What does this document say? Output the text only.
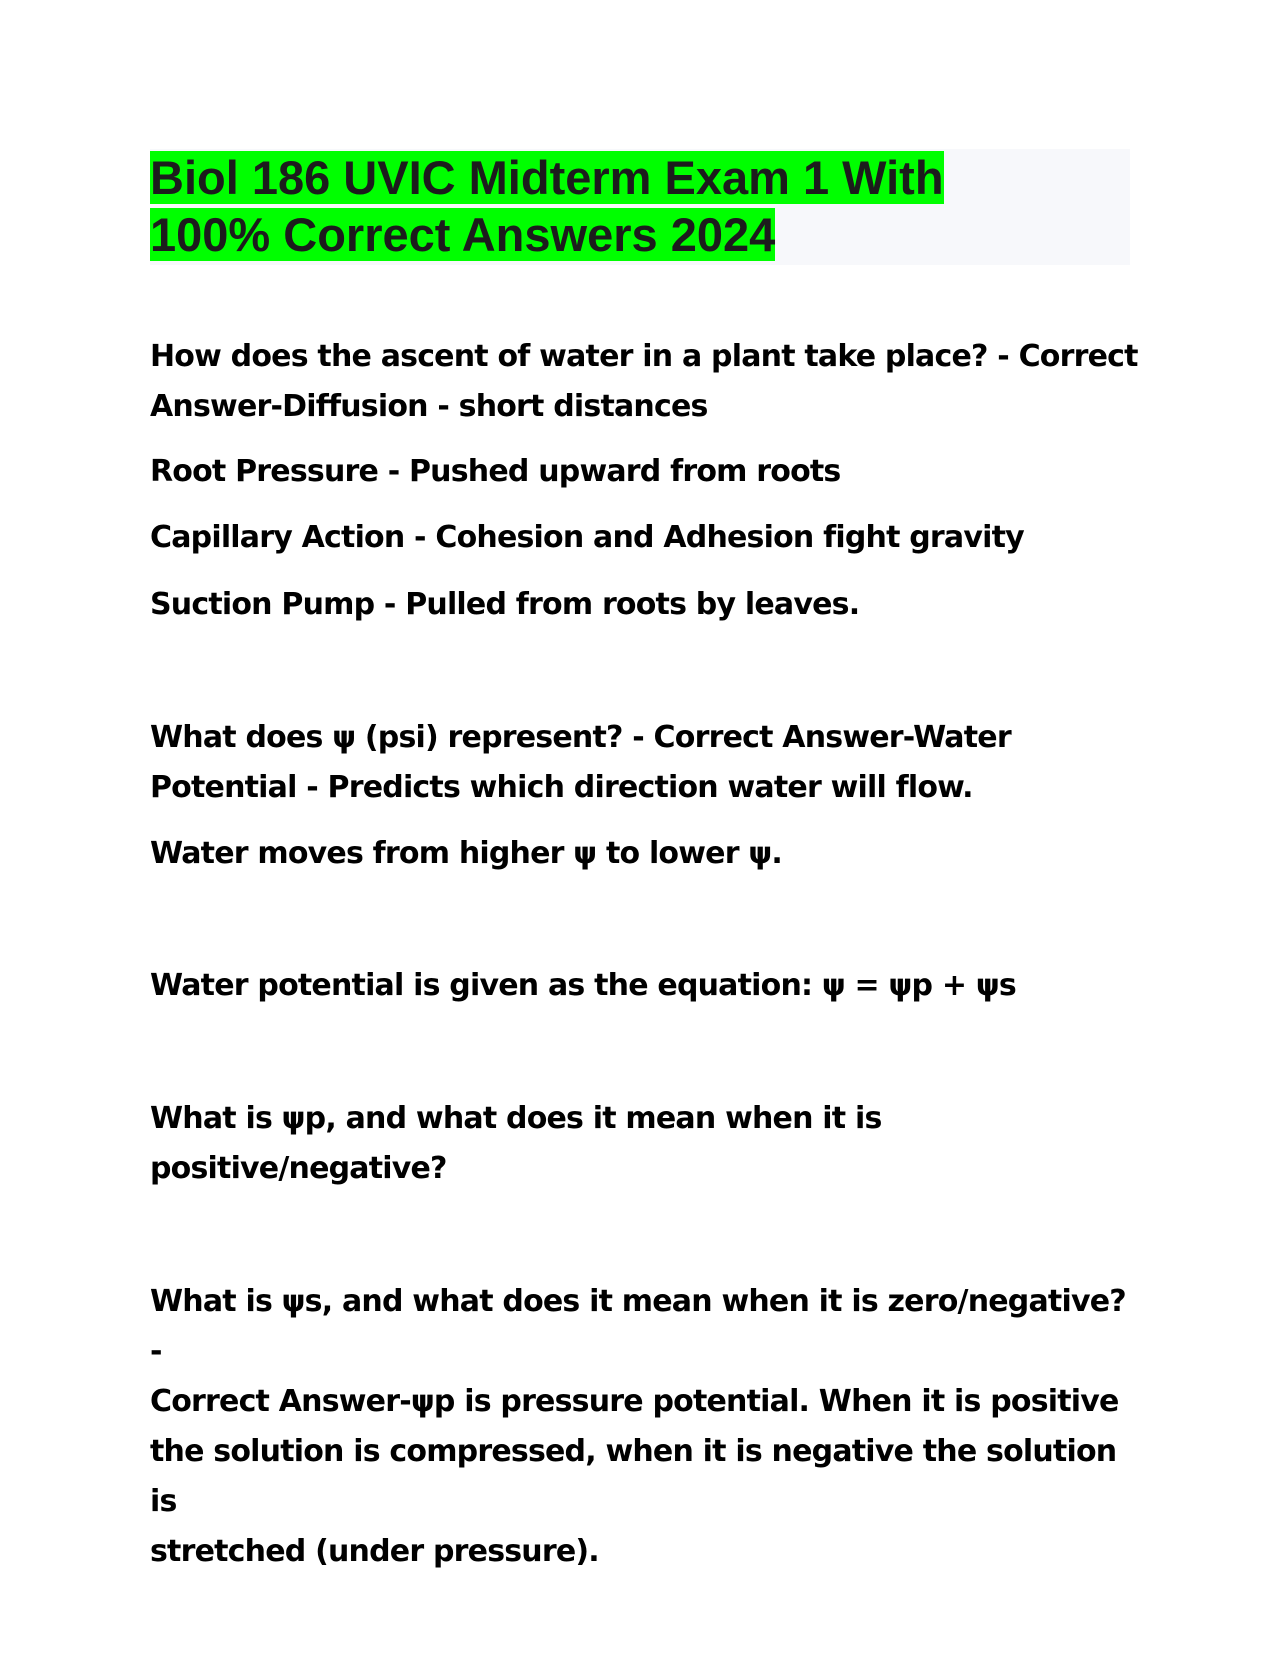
Biol 186 UVIC Midterm Exam 1 With
100% Correct Answers 2024

How does the ascent of water in a plant take place? - Correct
Answer-Diffusion - short distances

Root Pressure - Pushed upward from roots

Capillary Action - Cohesion and Adhesion fight gravity

Suction Pump - Pulled from roots by leaves.

What does ψ (psi) represent? - Correct Answer-Water
Potential - Predicts which direction water will flow.

Water moves from higher ψ to lower ψ.

Water potential is given as the equation: ψ = ψp + ψs

What is ψp, and what does it mean when it is
positive/negative?

What is ψs, and what does it mean when it is zero/negative? -
Correct Answer-ψp is pressure potential. When it is positive
the solution is compressed, when it is negative the solution is
stretched (under pressure).
